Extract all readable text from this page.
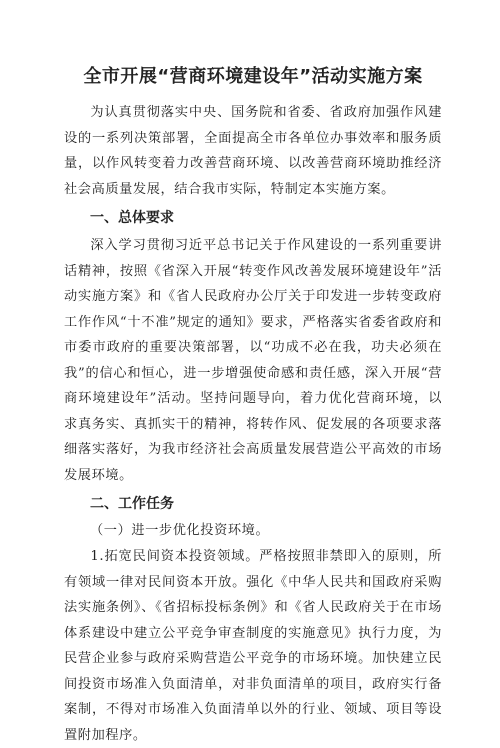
全市开展“营商环境建设年”活动实施方案

为认真贯彻落实中央、国务院和省委、省政府加强作风建设的一系列决策部署，全面提高全市各单位办事效率和服务质量，以作风转变着力改善营商环境、以改善营商环境助推经济社会高质量发展，结合我市实际，特制定本实施方案。

一、总体要求

深入学习贯彻习近平总书记关于作风建设的一系列重要讲话精神，按照《省深入开展“转变作风改善发展环境建设年”活动实施方案》和《省人民政府办公厅关于印发进一步转变政府工作作风“十不准”规定的通知》要求，严格落实省委省政府和市委市政府的重要决策部署，以“功成不必在我，功夫必须在我”的信心和恒心，进一步增强使命感和责任感，深入开展“营商环境建设年”活动。坚持问题导向，着力优化营商环境，以求真务实、真抓实干的精神，将转作风、促发展的各项要求落细落实落好，为我市经济社会高质量发展营造公平高效的市场发展环境。

二、工作任务
（一）进一步优化投资环境。

1.拓宽民间资本投资领域。严格按照非禁即入的原则，所有领域一律对民间资本开放。强化《中华人民共和国政府采购法实施条例》、《省招标投标条例》和《省人民政府关于在市场体系建设中建立公平竞争审查制度的实施意见》执行力度，为民营企业参与政府采购营造公平竞争的市场环境。加快建立民间投资市场准入负面清单，对非负面清单的项目，政府实行备案制，不得对市场准入负面清单以外的行业、领域、项目等设置附加程序。
